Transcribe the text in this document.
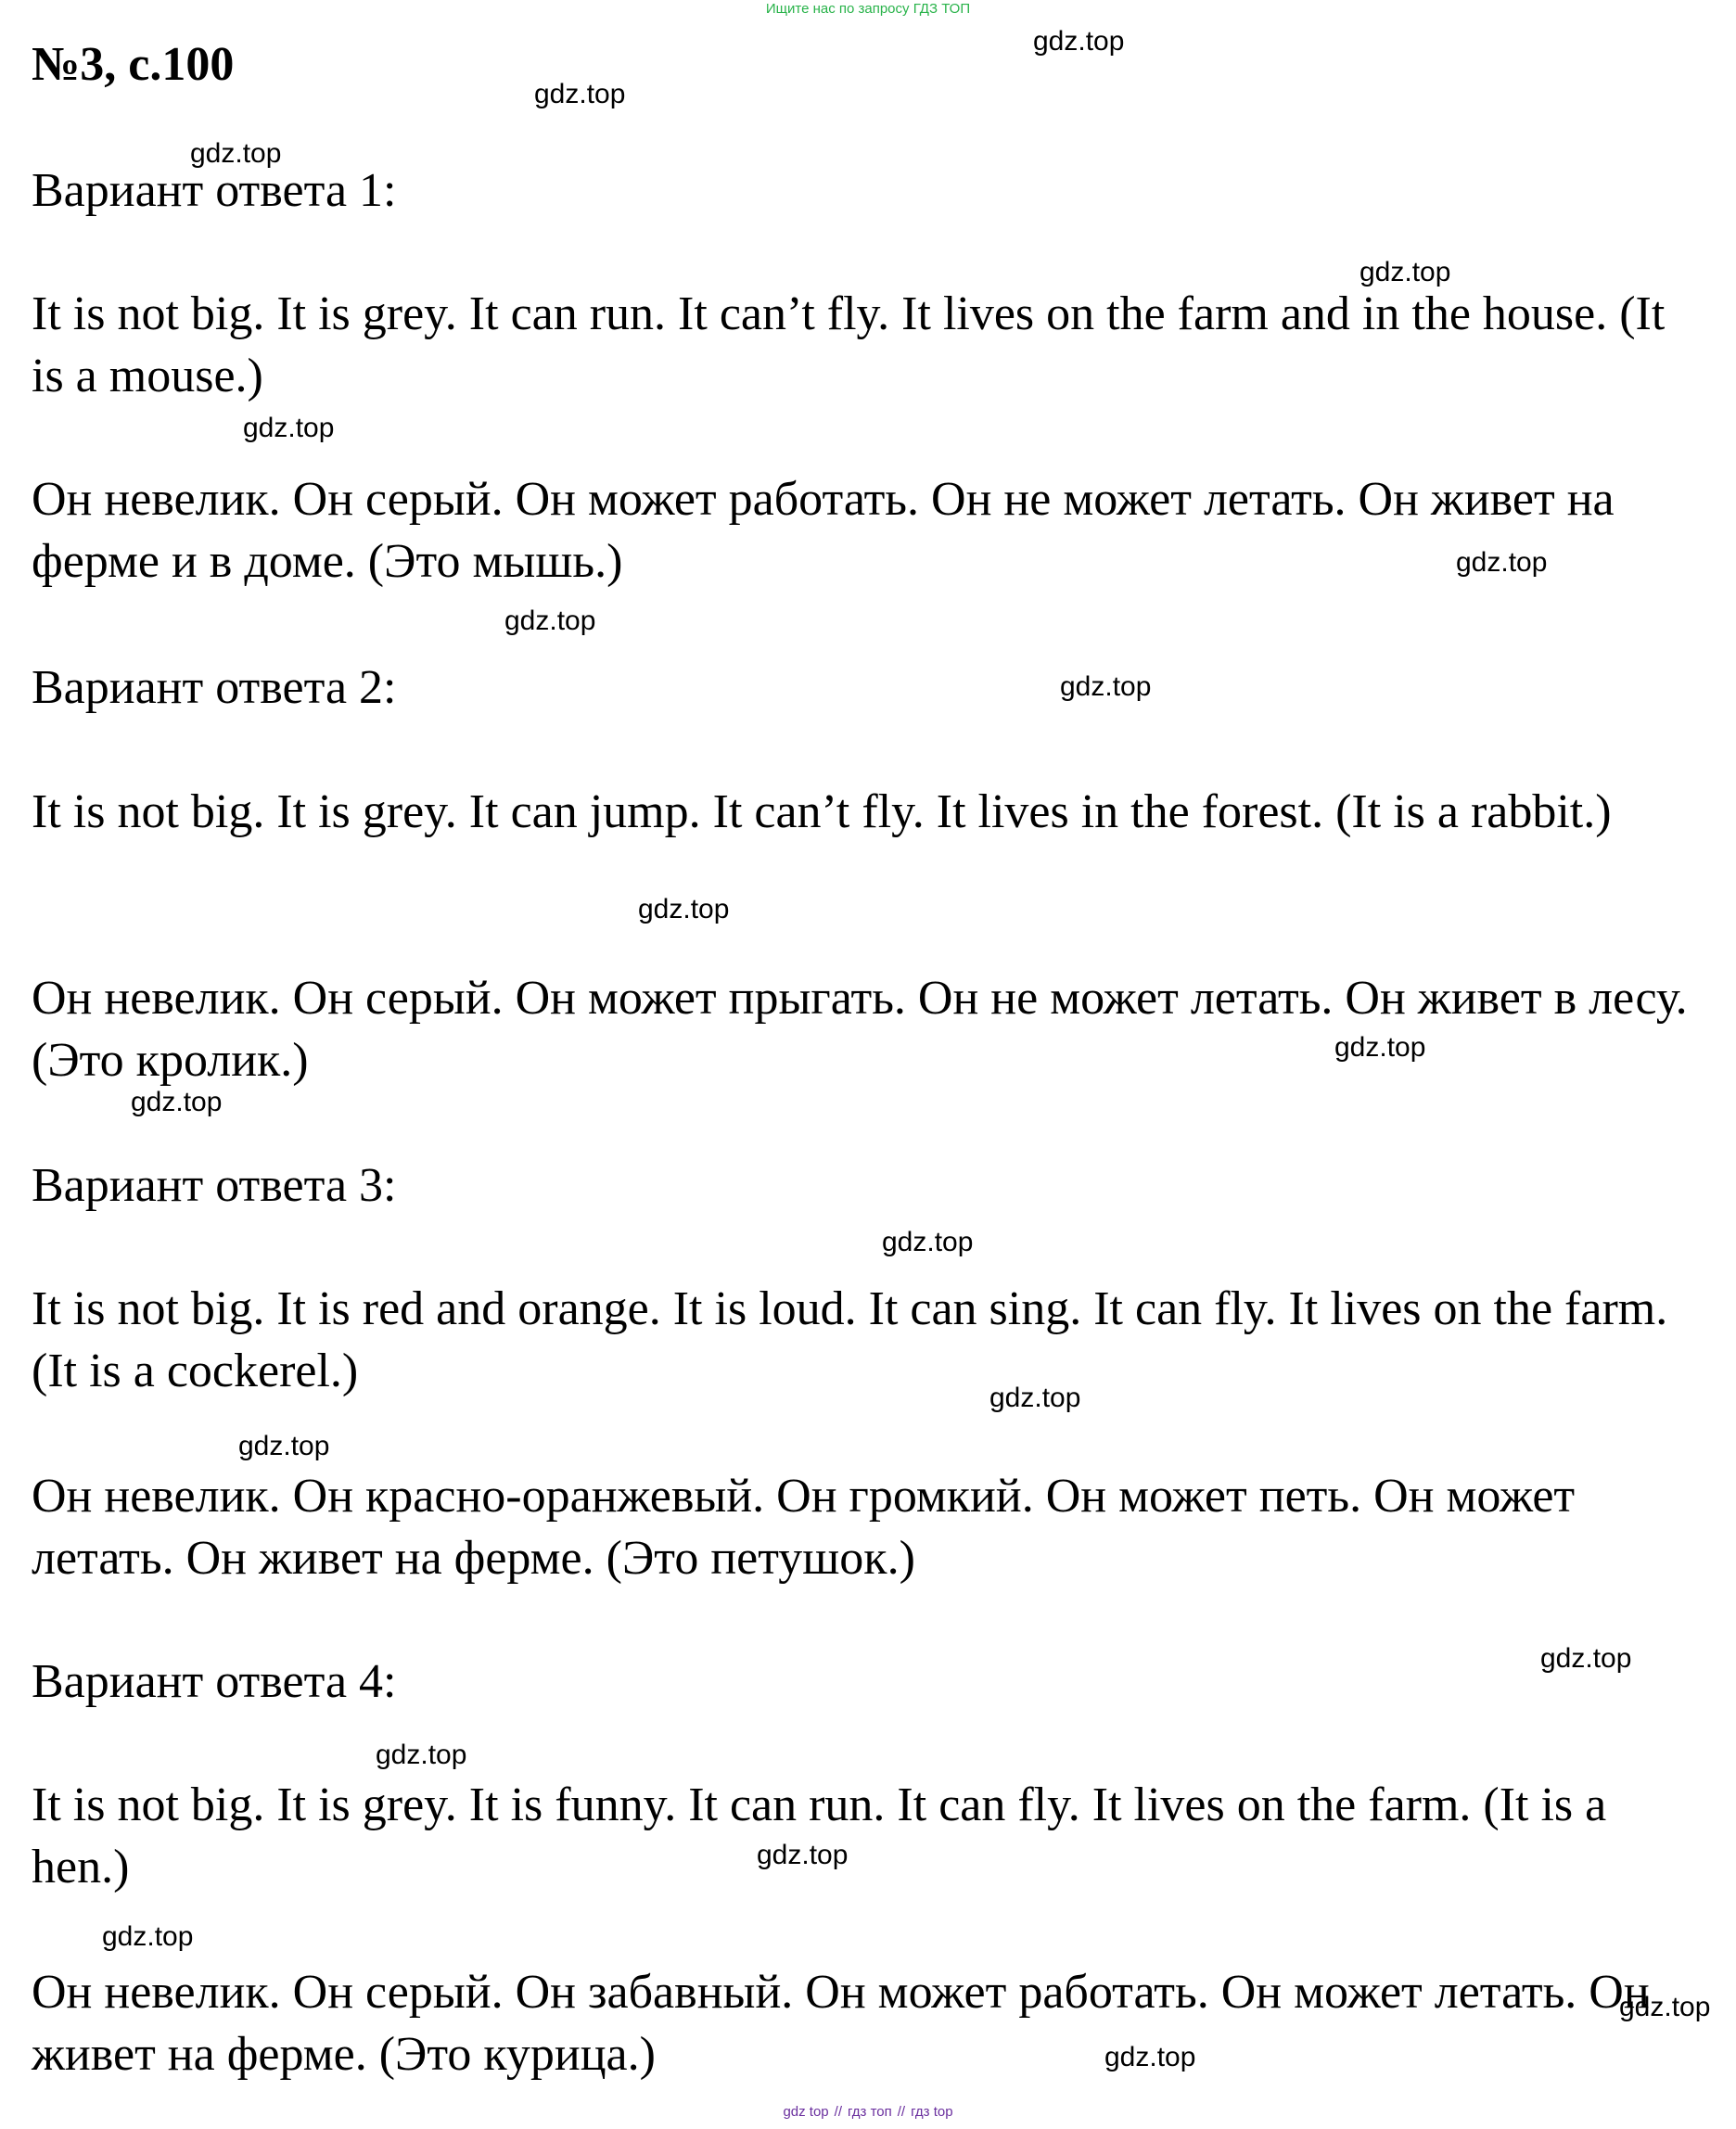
Ищите нас по запросу ГДЗ ТОП
№3, с.100
Вариант ответа 1:
It is not big. It is grey. It can run. It can’t fly. It lives on the farm and in the house. (It is a mouse.)
Он невелик. Он серый. Он может работать. Он не может летать. Он живет на ферме и в доме. (Это мышь.)
Вариант ответа 2:
It is not big. It is grey. It can jump. It can’t fly. It lives in the forest. (It is a rabbit.)
Он невелик. Он серый. Он может прыгать. Он не может летать. Он живет в лесу. (Это кролик.)
Вариант ответа 3:
It is not big. It is red and orange. It is loud. It can sing. It can fly. It lives on the farm. (It is a cockerel.)
Он невелик. Он красно-оранжевый. Он громкий. Он может петь. Он может летать. Он живет на ферме. (Это петушок.)
Вариант ответа 4:
It is not big. It is grey. It is funny. It can run. It can fly. It lives on the farm. (It is a hen.)
Он невелик. Он серый. Он забавный. Он может работать. Он может летать. Он живет на ферме. (Это курица.)
gdz.top
gdz.top
gdz.top
gdz.top
gdz.top
gdz.top
gdz.top
gdz.top
gdz.top
gdz.top
gdz.top
gdz.top
gdz.top
gdz.top
gdz.top
gdz.top
gdz.top
gdz.top
gdz.top
gdz.top
gdz top // гдз топ // гдз top
